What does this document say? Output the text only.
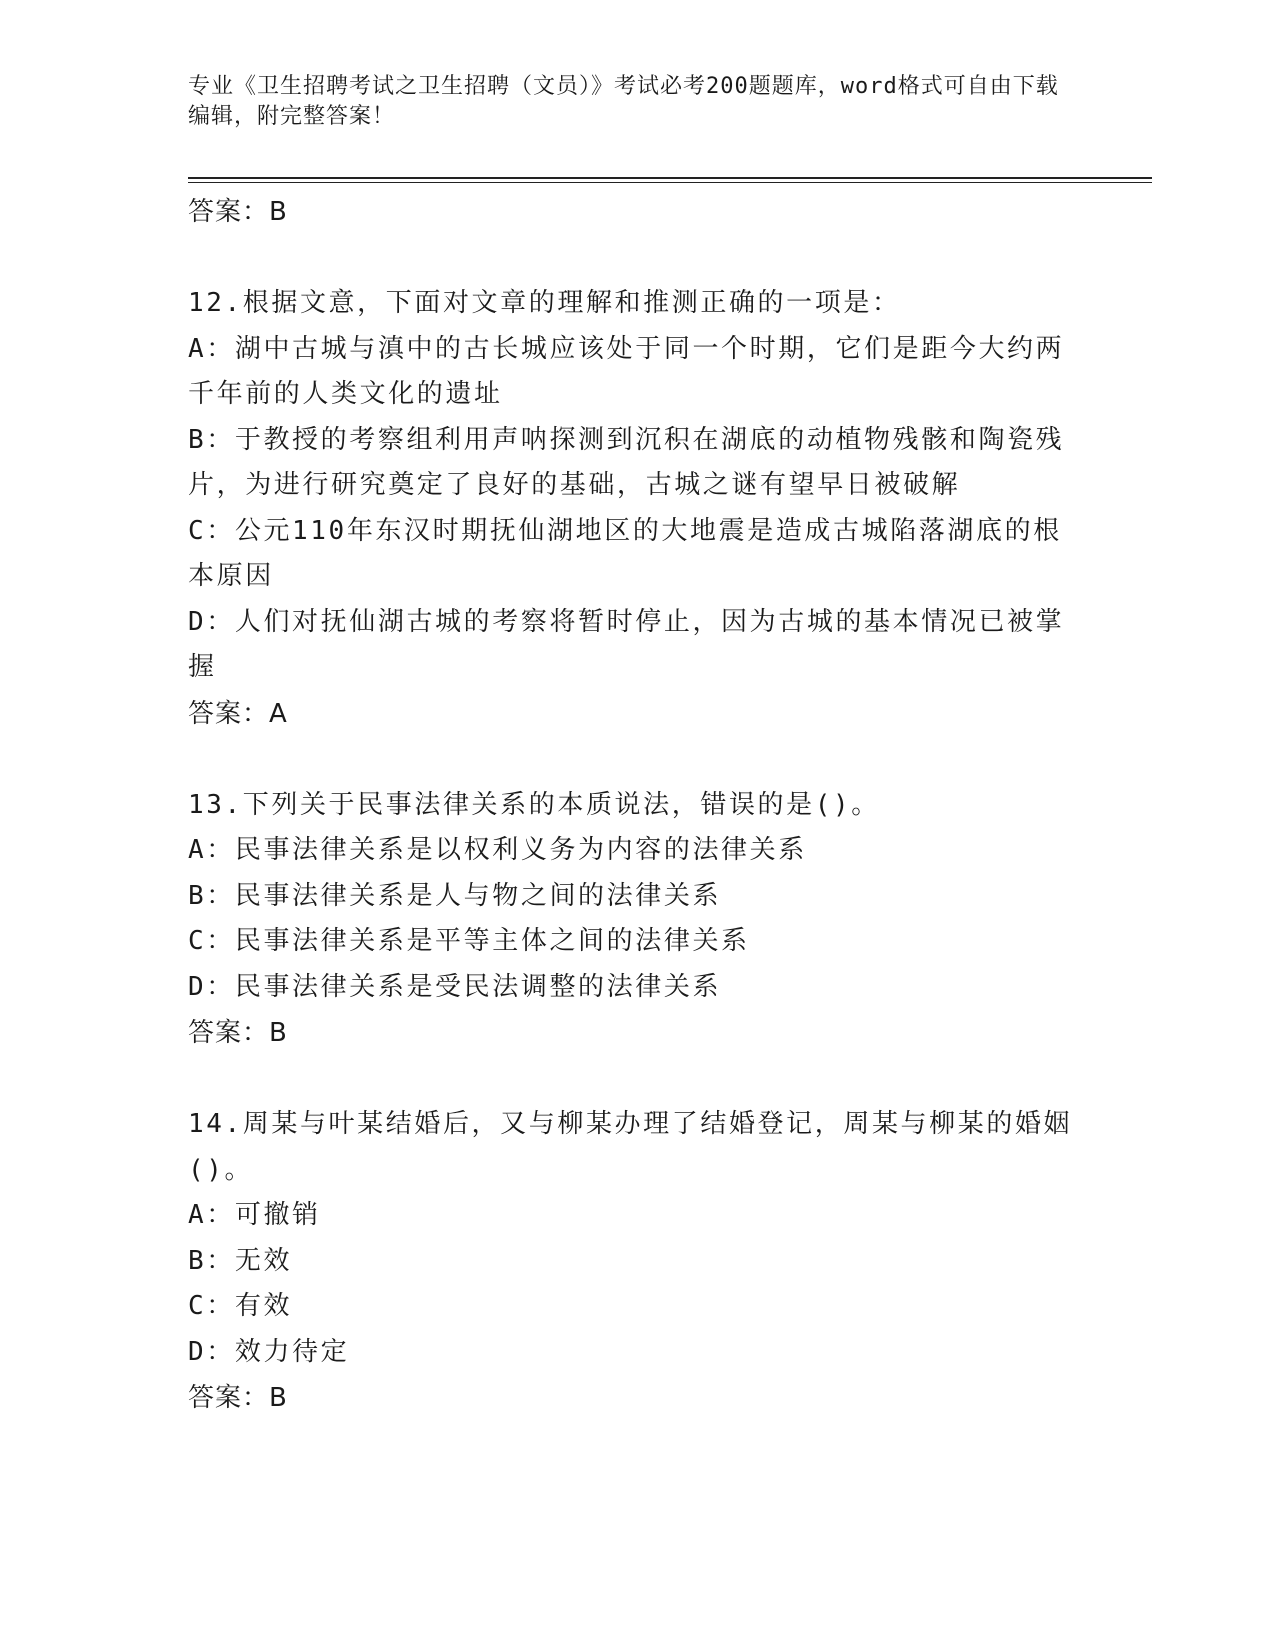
专业《卫生招聘考试之卫生招聘（文员）》考试必考200题题库，word格式可自由下载编辑，附完整答案！
答案：B
12.根据文意，下面对文章的理解和推测正确的一项是：
A：湖中古城与滇中的古长城应该处于同一个时期，它们是距今大约两千年前的人类文化的遗址
B：于教授的考察组利用声呐探测到沉积在湖底的动植物残骸和陶瓷残片，为进行研究奠定了良好的基础，古城之谜有望早日被破解
C：公元110年东汉时期抚仙湖地区的大地震是造成古城陷落湖底的根本原因
D：人们对抚仙湖古城的考察将暂时停止，因为古城的基本情况已被掌握
答案：A
13.下列关于民事法律关系的本质说法，错误的是()。
A：民事法律关系是以权利义务为内容的法律关系
B：民事法律关系是人与物之间的法律关系
C：民事法律关系是平等主体之间的法律关系
D：民事法律关系是受民法调整的法律关系
答案：B
14.周某与叶某结婚后，又与柳某办理了结婚登记，周某与柳某的婚姻()。
A：可撤销
B：无效
C：有效
D：效力待定
答案：B
